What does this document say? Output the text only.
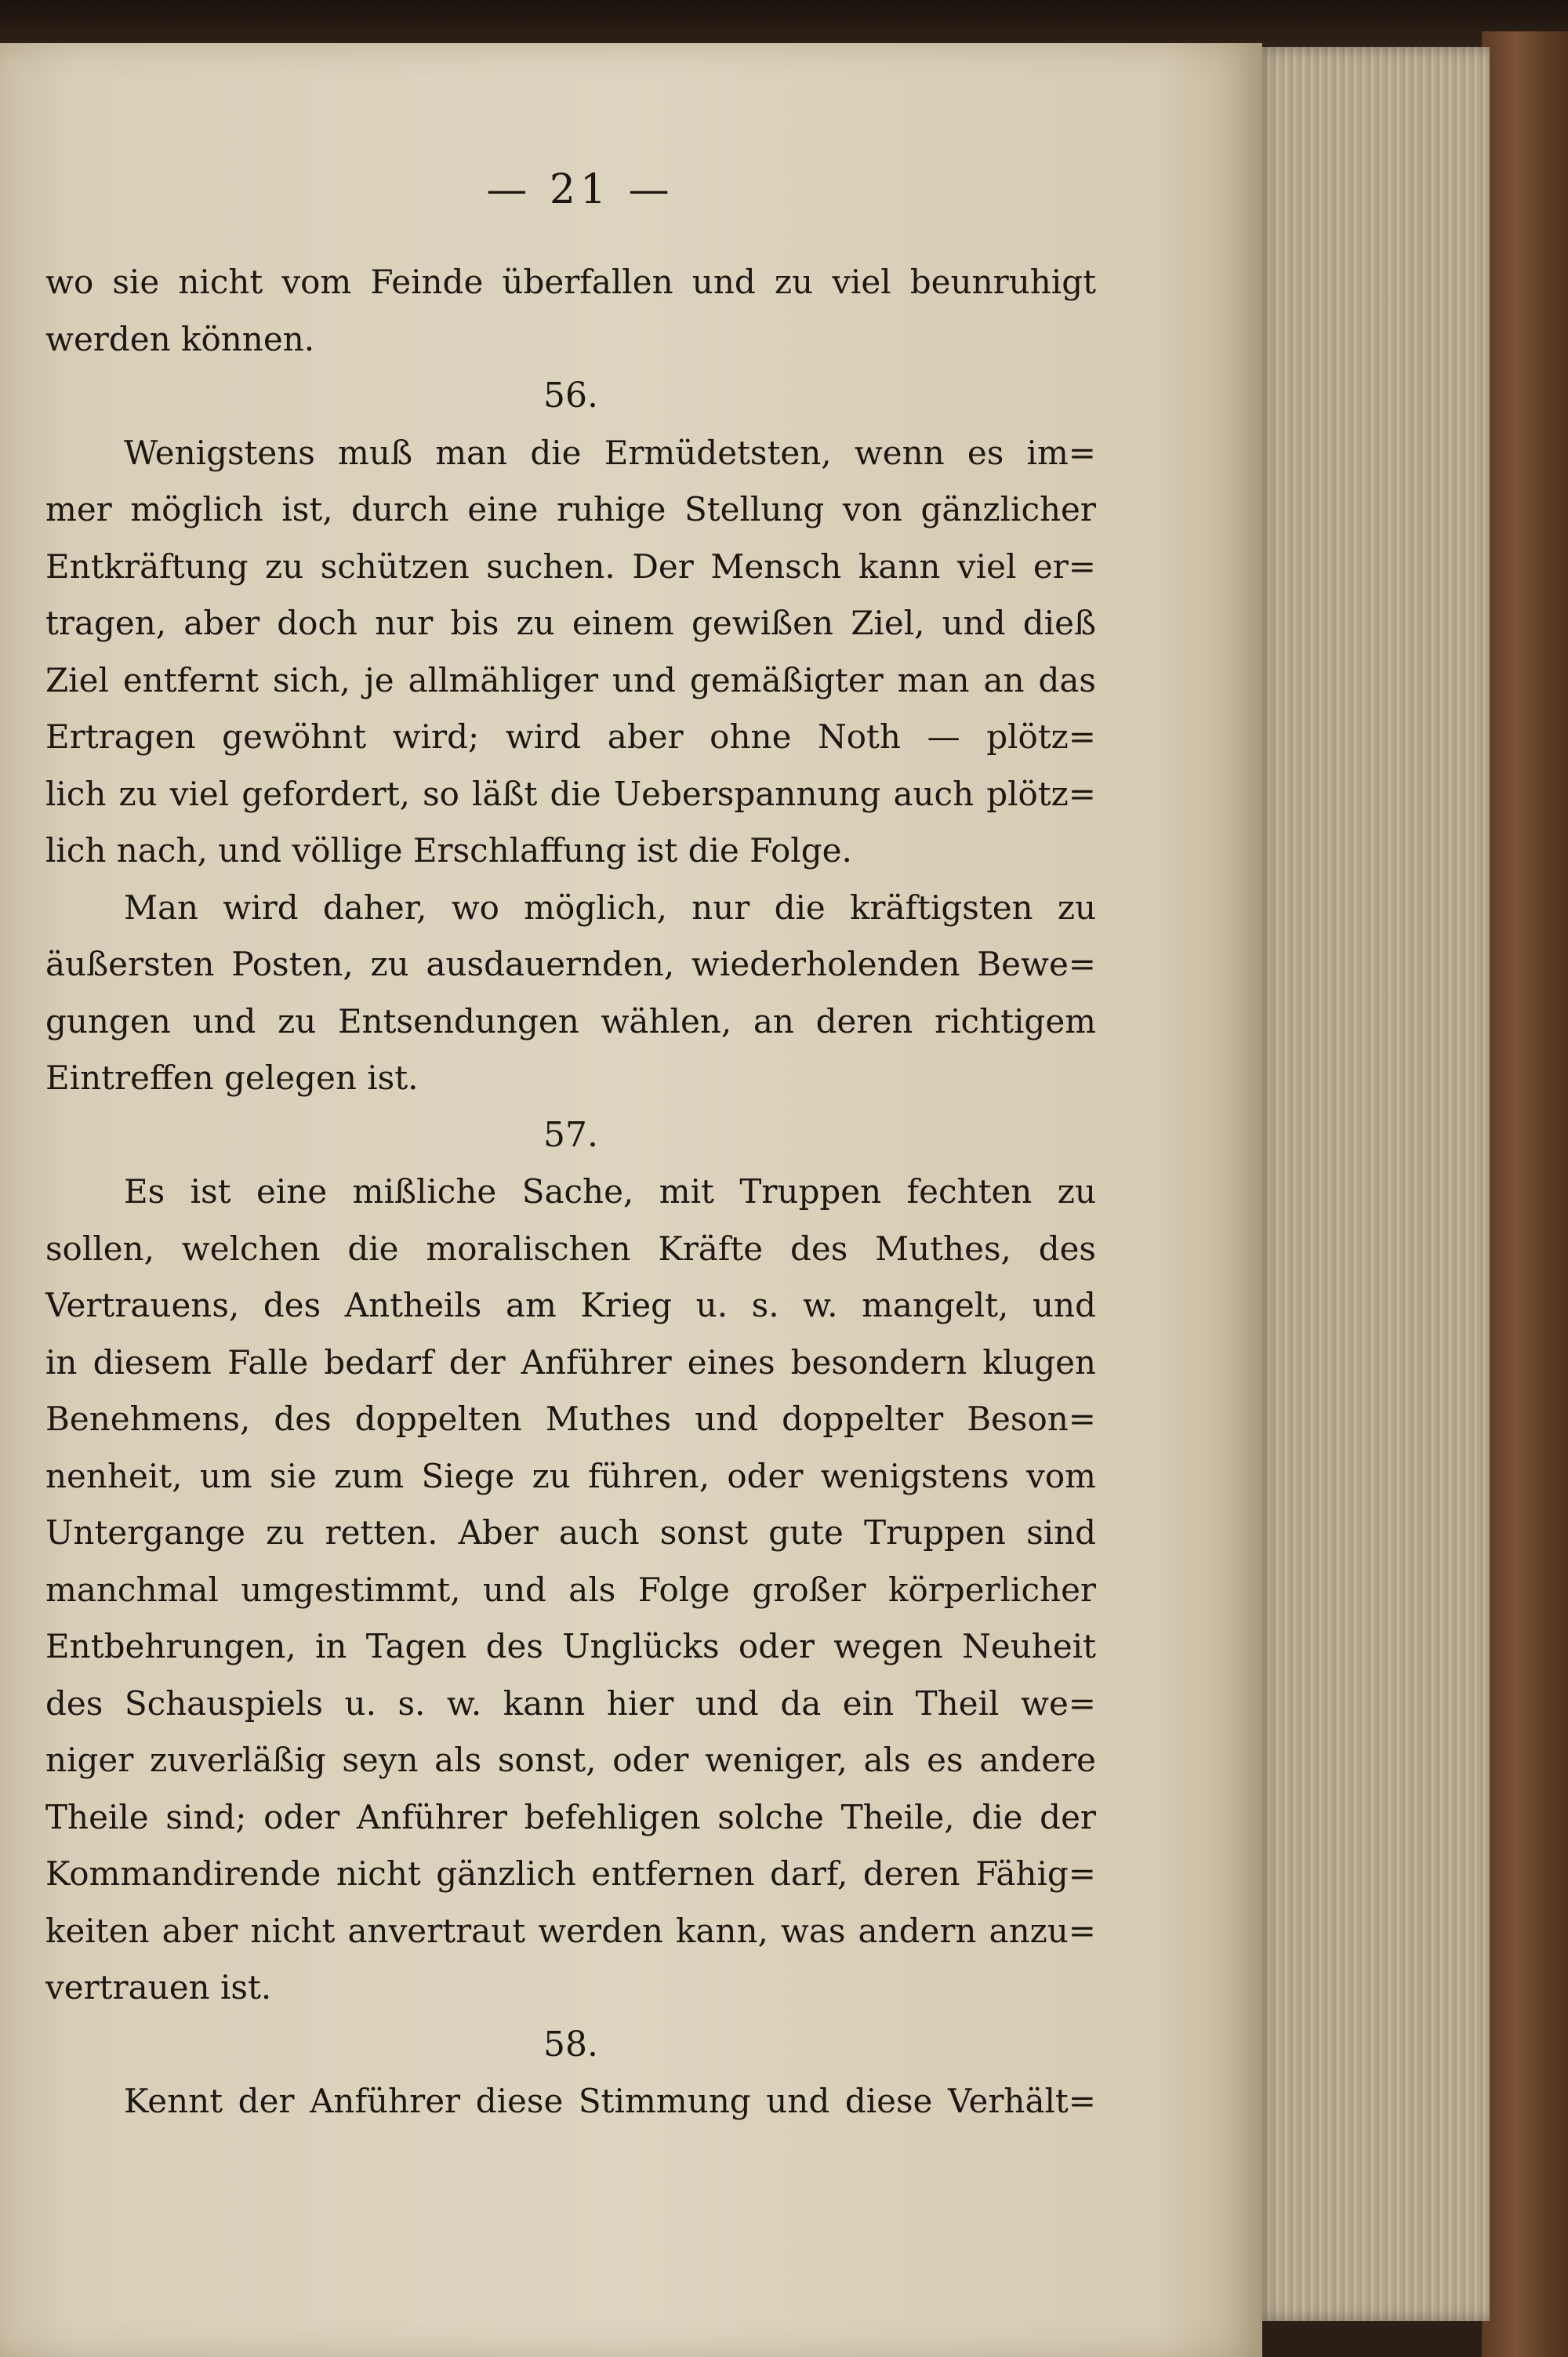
— 21 —
wo sie nicht vom Feinde überfallen und zu viel beunruhigt
werden können.
56.
Wenigstens muß man die Ermüdetsten, wenn es im=
mer möglich ist, durch eine ruhige Stellung von gänzlicher
Entkräftung zu schützen suchen. Der Mensch kann viel er=
tragen, aber doch nur bis zu einem gewißen Ziel, und dieß
Ziel entfernt sich, je allmähliger und gemäßigter man an das
Ertragen gewöhnt wird; wird aber ohne Noth — plötz=
lich zu viel gefordert, so läßt die Ueberspannung auch plötz=
lich nach, und völlige Erschlaffung ist die Folge.
Man wird daher, wo möglich, nur die kräftigsten zu
äußersten Posten, zu ausdauernden, wiederholenden Bewe=
gungen und zu Entsendungen wählen, an deren richtigem
Eintreffen gelegen ist.
57.
Es ist eine mißliche Sache, mit Truppen fechten zu
sollen, welchen die moralischen Kräfte des Muthes, des
Vertrauens, des Antheils am Krieg u. s. w. mangelt, und
in diesem Falle bedarf der Anführer eines besondern klugen
Benehmens, des doppelten Muthes und doppelter Beson=
nenheit, um sie zum Siege zu führen, oder wenigstens vom
Untergange zu retten. Aber auch sonst gute Truppen sind
manchmal umgestimmt, und als Folge großer körperlicher
Entbehrungen, in Tagen des Unglücks oder wegen Neuheit
des Schauspiels u. s. w. kann hier und da ein Theil we=
niger zuverläßig seyn als sonst, oder weniger, als es andere
Theile sind; oder Anführer befehligen solche Theile, die der
Kommandirende nicht gänzlich entfernen darf, deren Fähig=
keiten aber nicht anvertraut werden kann, was andern anzu=
vertrauen ist.
58.
Kennt der Anführer diese Stimmung und diese Verhält=
